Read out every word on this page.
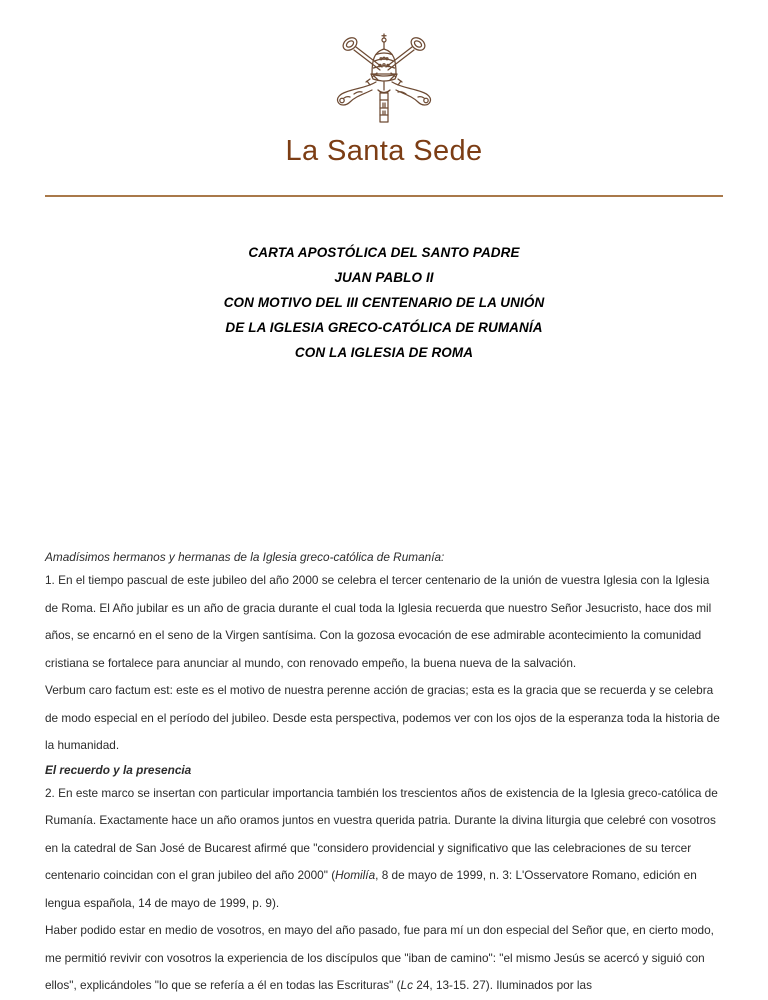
La Santa Sede
CARTA APOSTÓLICA DEL SANTO PADRE
JUAN PABLO II
CON MOTIVO DEL III CENTENARIO DE LA UNIÓN
DE LA IGLESIA GRECO-CATÓLICA DE RUMANÍA
CON LA IGLESIA DE ROMA

Amadísimos hermanos y hermanas de la Iglesia greco-católica de Rumanía:

1. En el tiempo pascual de este jubileo del año 2000 se celebra el tercer centenario de la unión de vuestra Iglesia con la Iglesia de Roma. El Año jubilar es un año de gracia durante el cual toda la Iglesia recuerda que nuestro Señor Jesucristo, hace dos mil años, se encarnó en el seno de la Virgen santísima. Con la gozosa evocación de ese admirable acontecimiento la comunidad cristiana se fortalece para anunciar al mundo, con renovado empeño, la buena nueva de la salvación.

Verbum caro factum est: este es el motivo de nuestra perenne acción de gracias; esta es la gracia que se recuerda y se celebra de modo especial en el período del jubileo. Desde esta perspectiva, podemos ver con los ojos de la esperanza toda la historia de la humanidad.

El recuerdo y la presencia

2. En este marco se insertan con particular importancia también los trescientos años de existencia de la Iglesia greco-católica de Rumanía. Exactamente hace un año oramos juntos en vuestra querida patria. Durante la divina liturgia que celebré con vosotros en la catedral de San José de Bucarest afirmé que "considero providencial y significativo que las celebraciones de su tercer centenario coincidan con el gran jubileo del año 2000" (Homilía, 8 de mayo de 1999, n. 3: L'Osservatore Romano, edición en lengua española, 14 de mayo de 1999, p. 9).

Haber podido estar en medio de vosotros, en mayo del año pasado, fue para mí un don especial del Señor que, en cierto modo, me permitió revivir con vosotros la experiencia de los discípulos que "iban de camino": "el mismo Jesús se acercó y siguió con ellos", explicándoles "lo que se refería a él en todas las Escrituras" (Lc 24, 13-15. 27). Iluminados por las
